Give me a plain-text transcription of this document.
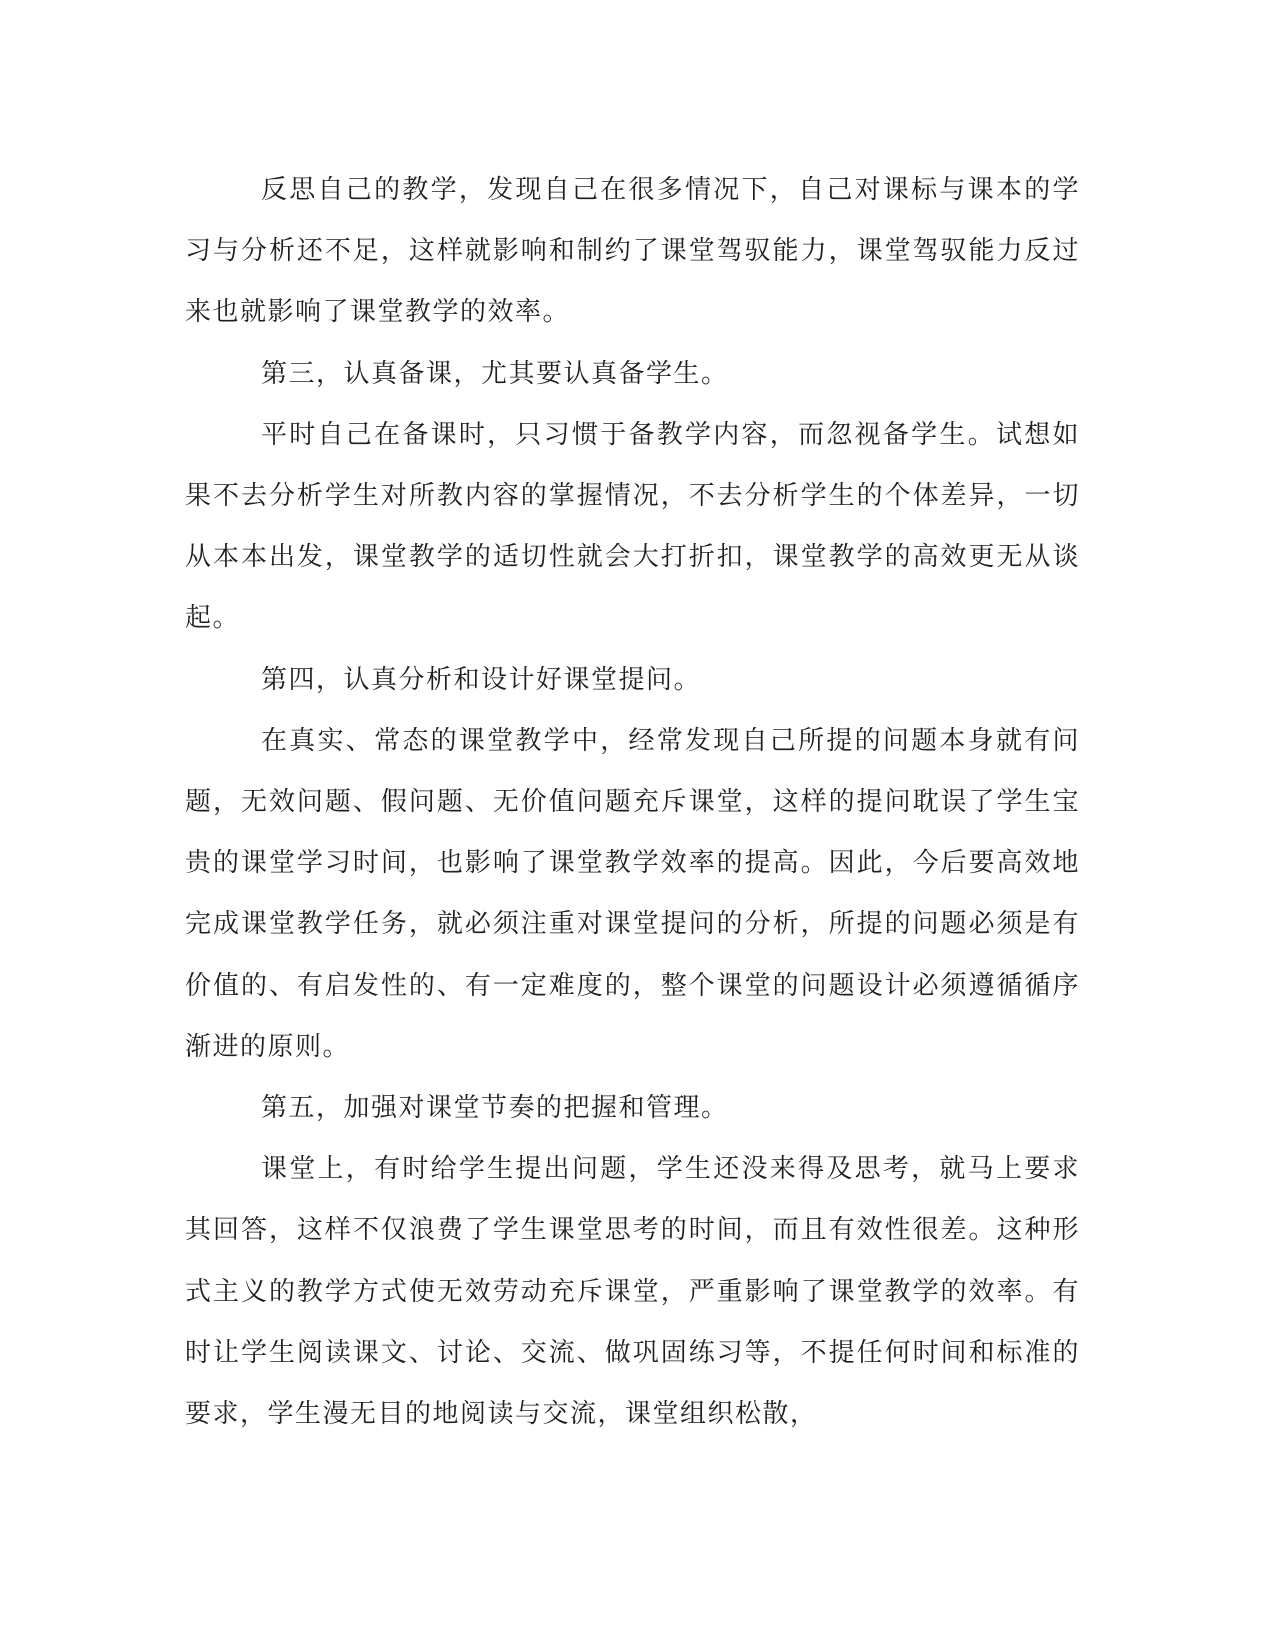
反思自己的教学，发现自己在很多情况下，自己对课标与课本的学习与分析还不足，这样就影响和制约了课堂驾驭能力，课堂驾驭能力反过来也就影响了课堂教学的效率。

第三，认真备课，尤其要认真备学生。

平时自己在备课时，只习惯于备教学内容，而忽视备学生。试想如果不去分析学生对所教内容的掌握情况，不去分析学生的个体差异，一切从本本出发，课堂教学的适切性就会大打折扣，课堂教学的高效更无从谈起。

第四，认真分析和设计好课堂提问。

在真实、常态的课堂教学中，经常发现自己所提的问题本身就有问题，无效问题、假问题、无价值问题充斥课堂，这样的提问耽误了学生宝贵的课堂学习时间，也影响了课堂教学效率的提高。因此，今后要高效地完成课堂教学任务，就必须注重对课堂提问的分析，所提的问题必须是有价值的、有启发性的、有一定难度的，整个课堂的问题设计必须遵循循序渐进的原则。

第五，加强对课堂节奏的把握和管理。

课堂上，有时给学生提出问题，学生还没来得及思考，就马上要求其回答，这样不仅浪费了学生课堂思考的时间，而且有效性很差。这种形式主义的教学方式使无效劳动充斥课堂，严重影响了课堂教学的效率。有时让学生阅读课文、讨论、交流、做巩固练习等，不提任何时间和标准的要求，学生漫无目的地阅读与交流，课堂组织松散，
